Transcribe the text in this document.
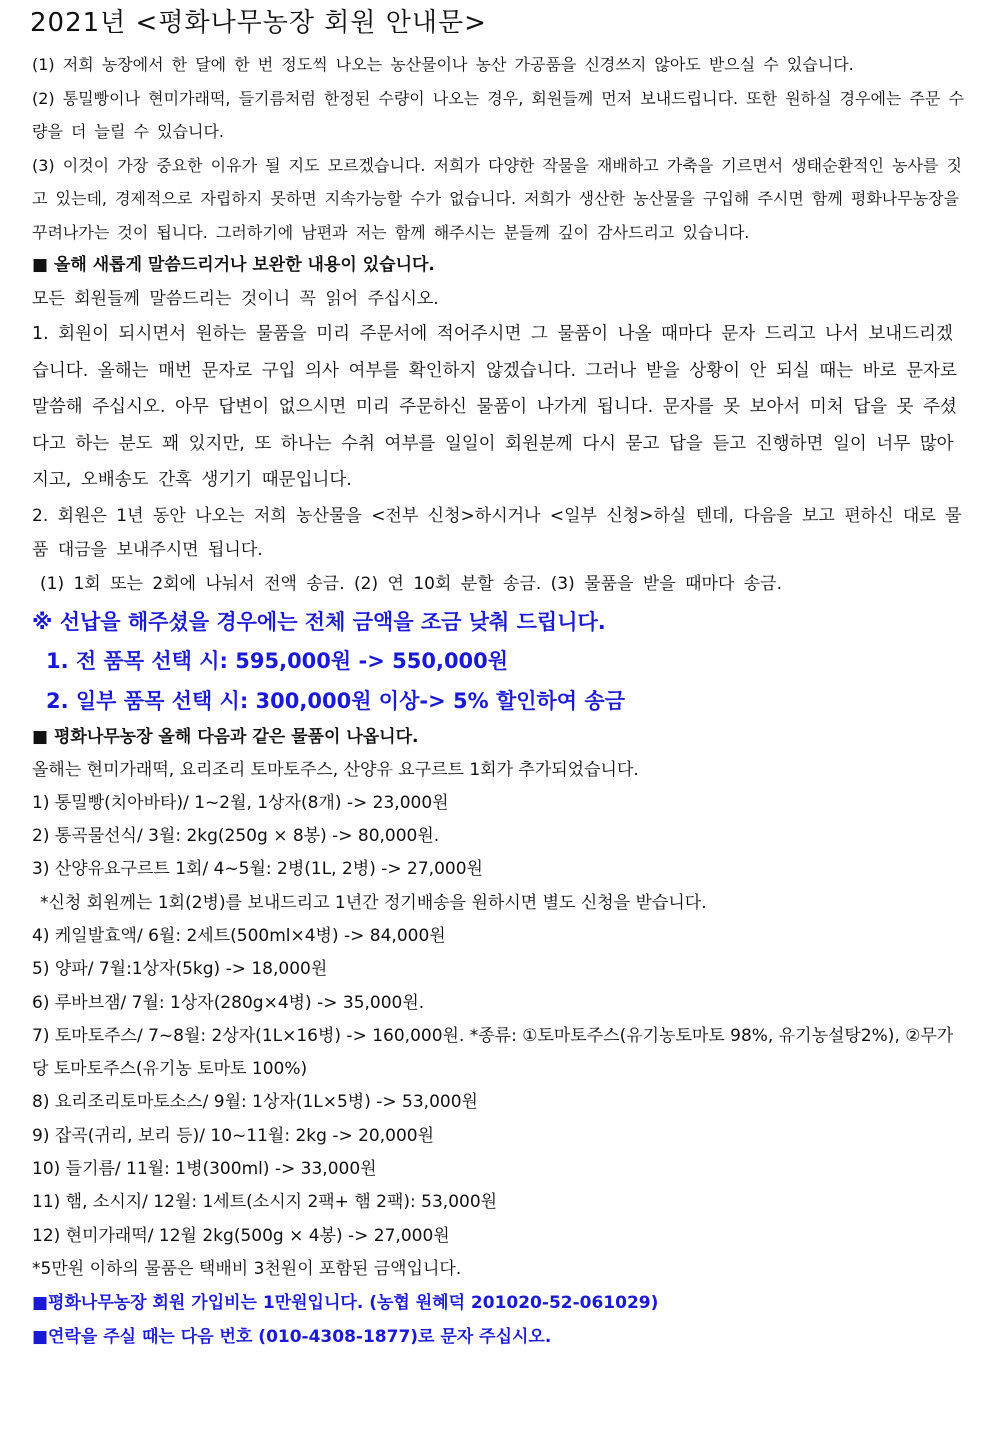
2021년 <평화나무농장 회원 안내문>

(1) 저희 농장에서 한 달에 한 번 정도씩 나오는 농산물이나 농산 가공품을 신경쓰지 않아도 받으실 수 있습니다.

(2) 통밀빵이나 현미가래떡, 들기름처럼 한정된 수량이 나오는 경우, 회원들께 먼저 보내드립니다. 또한 원하실 경우에는 주문 수량을 더 늘릴 수 있습니다.

(3) 이것이 가장 중요한 이유가 될 지도 모르겠습니다. 저희가 다양한 작물을 재배하고 가축을 기르면서 생태순환적인 농사를 짓고 있는데, 경제적으로 자립하지 못하면 지속가능할 수가 없습니다. 저희가 생산한 농산물을 구입해 주시면 함께 평화나무농장을 꾸려나가는 것이 됩니다. 그러하기에 남편과 저는 함께 해주시는 분들께 깊이 감사드리고 있습니다.

■ 올해 새롭게 말씀드리거나 보완한 내용이 있습니다.

모든 회원들께 말씀드리는 것이니 꼭 읽어 주십시오.

1. 회원이 되시면서 원하는 물품을 미리 주문서에 적어주시면 그 물품이 나올 때마다 문자 드리고 나서 보내드리겠습니다. 올해는 매번 문자로 구입 의사 여부를 확인하지 않겠습니다. 그러나 받을 상황이 안 되실 때는 바로 문자로 말씀해 주십시오. 아무 답변이 없으시면 미리 주문하신 물품이 나가게 됩니다. 문자를 못 보아서 미처 답을 못 주셨다고 하는 분도 꽤 있지만, 또 하나는 수취 여부를 일일이 회원분께 다시 묻고 답을 듣고 진행하면 일이 너무 많아지고, 오배송도 간혹 생기기 때문입니다.

2. 회원은 1년 동안 나오는 저희 농산물을 <전부 신청>하시거나 <일부 신청>하실 텐데, 다음을 보고 편하신 대로 물품 대금을 보내주시면 됩니다.

(1) 1회 또는 2회에 나눠서 전액 송금. (2) 연 10회 분할 송금. (3) 물품을 받을 때마다 송금.

※ 선납을 해주셨을 경우에는 전체 금액을 조금 낮춰 드립니다.

1. 전 품목 선택 시: 595,000원 -> 550,000원

2. 일부 품목 선택 시: 300,000원 이상-> 5% 할인하여 송금

■ 평화나무농장 올해 다음과 같은 물품이 나옵니다.

올해는 현미가래떡, 요리조리 토마토주스, 산양유 요구르트 1회가 추가되었습니다.

1) 통밀빵(치아바타)/ 1~2월, 1상자(8개) -> 23,000원

2) 통곡물선식/ 3월: 2kg(250g × 8봉) -> 80,000원.

3) 산양유요구르트 1회/ 4~5월: 2병(1L, 2병) -> 27,000원

*신청 회원께는 1회(2병)를 보내드리고 1년간 정기배송을 원하시면 별도 신청을 받습니다.

4) 케일발효액/ 6월: 2세트(500ml×4병) -> 84,000원

5) 양파/ 7월:1상자(5kg) -> 18,000원

6) 루바브잼/ 7월: 1상자(280g×4병) -> 35,000원.

7) 토마토주스/ 7~8월: 2상자(1L×16병) -> 160,000원. *종류: ①토마토주스(유기농토마토 98%, 유기농설탕2%), ②무가당 토마토주스(유기농 토마토 100%)

8) 요리조리토마토소스/ 9월: 1상자(1L×5병) -> 53,000원

9) 잡곡(귀리, 보리 등)/ 10~11월: 2kg -> 20,000원

10) 들기름/ 11월: 1병(300ml) -> 33,000원

11) 햄, 소시지/ 12월: 1세트(소시지 2팩+ 햄 2팩): 53,000원

12) 현미가래떡/ 12월 2kg(500g × 4봉) -> 27,000원

*5만원 이하의 물품은 택배비 3천원이 포함된 금액입니다.

■평화나무농장 회원 가입비는 1만원입니다. (농협 원혜덕 201020-52-061029)

■연락을 주실 때는 다음 번호 (010-4308-1877)로 문자 주십시오.
